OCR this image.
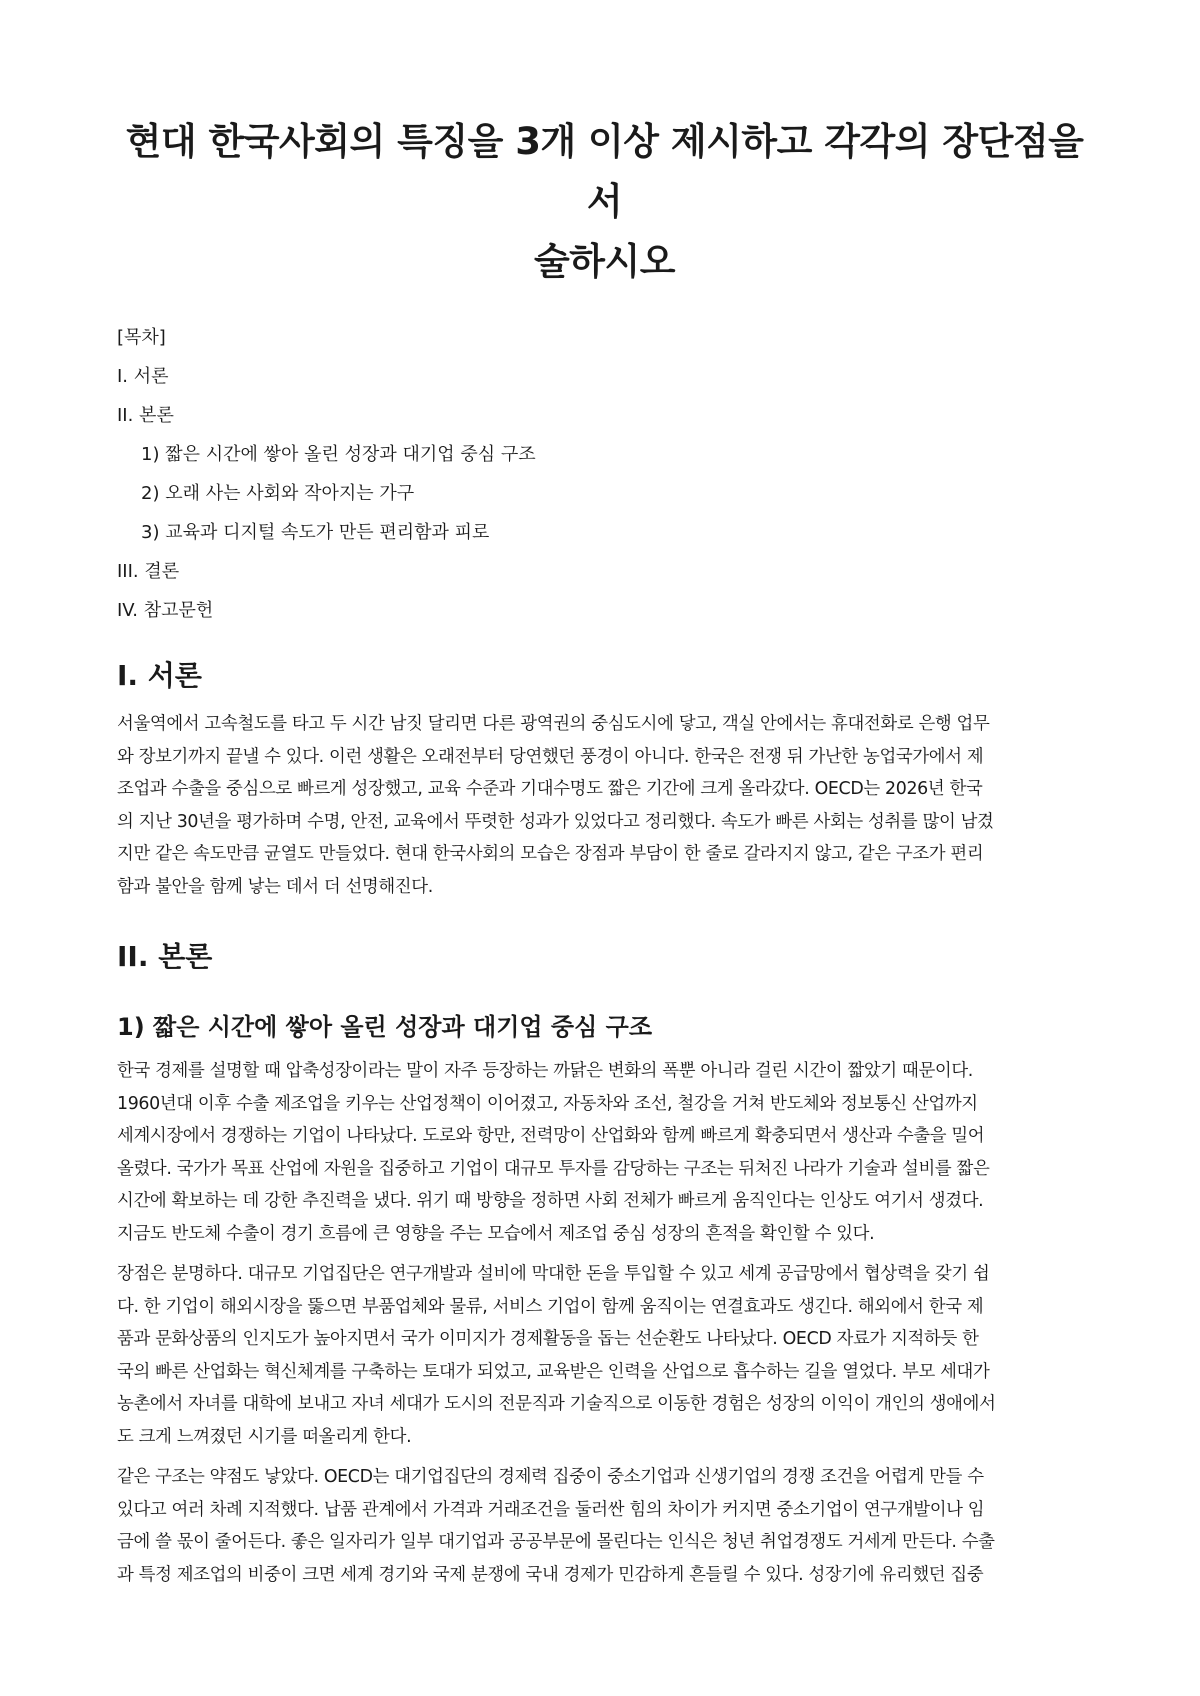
현대 한국사회의 특징을 3개 이상 제시하고 각각의 장단점을 서
술하시오
[목차]
I. 서론
II. 본론
1) 짧은 시간에 쌓아 올린 성장과 대기업 중심 구조
2) 오래 사는 사회와 작아지는 가구
3) 교육과 디지털 속도가 만든 편리함과 피로
III. 결론
IV. 참고문헌
I. 서론

서울역에서 고속철도를 타고 두 시간 남짓 달리면 다른 광역권의 중심도시에 닿고, 객실 안에서는 휴대전화로 은행 업무
와 장보기까지 끝낼 수 있다. 이런 생활은 오래전부터 당연했던 풍경이 아니다. 한국은 전쟁 뒤 가난한 농업국가에서 제
조업과 수출을 중심으로 빠르게 성장했고, 교육 수준과 기대수명도 짧은 기간에 크게 올라갔다. OECD는 2026년 한국
의 지난 30년을 평가하며 수명, 안전, 교육에서 뚜렷한 성과가 있었다고 정리했다. 속도가 빠른 사회는 성취를 많이 남겼
지만 같은 속도만큼 균열도 만들었다. 현대 한국사회의 모습은 장점과 부담이 한 줄로 갈라지지 않고, 같은 구조가 편리
함과 불안을 함께 낳는 데서 더 선명해진다.

II. 본론
1) 짧은 시간에 쌓아 올린 성장과 대기업 중심 구조

한국 경제를 설명할 때 압축성장이라는 말이 자주 등장하는 까닭은 변화의 폭뿐 아니라 걸린 시간이 짧았기 때문이다.
1960년대 이후 수출 제조업을 키우는 산업정책이 이어졌고, 자동차와 조선, 철강을 거쳐 반도체와 정보통신 산업까지
세계시장에서 경쟁하는 기업이 나타났다. 도로와 항만, 전력망이 산업화와 함께 빠르게 확충되면서 생산과 수출을 밀어
올렸다. 국가가 목표 산업에 자원을 집중하고 기업이 대규모 투자를 감당하는 구조는 뒤처진 나라가 기술과 설비를 짧은
시간에 확보하는 데 강한 추진력을 냈다. 위기 때 방향을 정하면 사회 전체가 빠르게 움직인다는 인상도 여기서 생겼다.
지금도 반도체 수출이 경기 흐름에 큰 영향을 주는 모습에서 제조업 중심 성장의 흔적을 확인할 수 있다.

장점은 분명하다. 대규모 기업집단은 연구개발과 설비에 막대한 돈을 투입할 수 있고 세계 공급망에서 협상력을 갖기 쉽
다. 한 기업이 해외시장을 뚫으면 부품업체와 물류, 서비스 기업이 함께 움직이는 연결효과도 생긴다. 해외에서 한국 제
품과 문화상품의 인지도가 높아지면서 국가 이미지가 경제활동을 돕는 선순환도 나타났다. OECD 자료가 지적하듯 한
국의 빠른 산업화는 혁신체계를 구축하는 토대가 되었고, 교육받은 인력을 산업으로 흡수하는 길을 열었다. 부모 세대가
농촌에서 자녀를 대학에 보내고 자녀 세대가 도시의 전문직과 기술직으로 이동한 경험은 성장의 이익이 개인의 생애에서
도 크게 느껴졌던 시기를 떠올리게 한다.

같은 구조는 약점도 낳았다. OECD는 대기업집단의 경제력 집중이 중소기업과 신생기업의 경쟁 조건을 어렵게 만들 수
있다고 여러 차례 지적했다. 납품 관계에서 가격과 거래조건을 둘러싼 힘의 차이가 커지면 중소기업이 연구개발이나 임
금에 쓸 몫이 줄어든다. 좋은 일자리가 일부 대기업과 공공부문에 몰린다는 인식은 청년 취업경쟁도 거세게 만든다. 수출
과 특정 제조업의 비중이 크면 세계 경기와 국제 분쟁에 국내 경제가 민감하게 흔들릴 수 있다. 성장기에 유리했던 집중
